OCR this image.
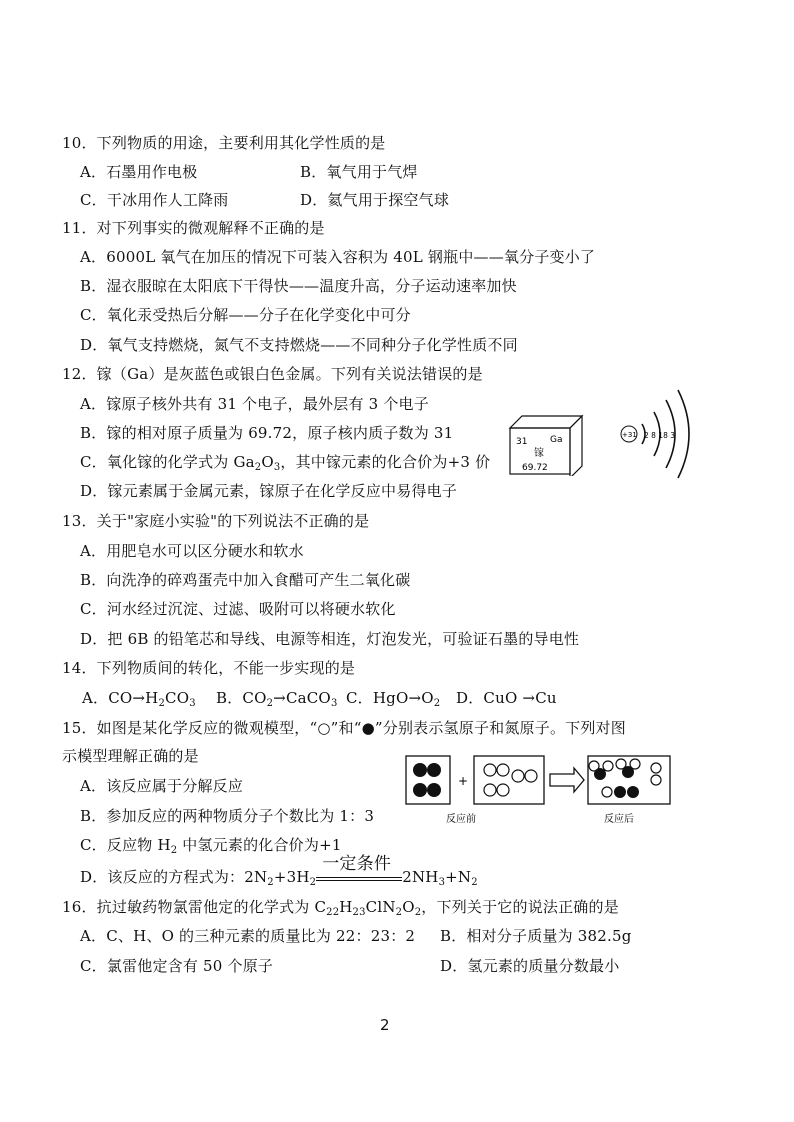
10．下列物质的用途，主要利用其化学性质的是
A．石墨用作电极	B．氧气用于气焊
C．干冰用作人工降雨	D．氦气用于探空气球
11．对下列事实的微观解释不正确的是
A．6000L 氧气在加压的情况下可装入容积为 40L 钢瓶中——氧分子变小了
B．湿衣服晾在太阳底下干得快——温度升高，分子运动速率加快
C．氧化汞受热后分解——分子在化学变化中可分
D．氧气支持燃烧，氮气不支持燃烧——不同种分子化学性质不同
12．镓（Ga）是灰蓝色或银白色金属。下列有关说法错误的是
A．镓原子核外共有 31 个电子，最外层有 3 个电子
B．镓的相对原子质量为 69.72，原子核内质子数为 31
C．氧化镓的化学式为 $Ga_2O_3$，其中镓元素的化合价为+3 价
D．镓元素属于金属元素，镓原子在化学反应中易得电子
31	Ga
镓
69.72
+31 2 8 18 3
13．关于"家庭小实验"的下列说法不正确的是
A．用肥皂水可以区分硬水和软水
B．向洗净的碎鸡蛋壳中加入食醋可产生二氧化碳
C．河水经过沉淀、过滤、吸附可以将硬水软化
D．把 6B 的铅笔芯和导线、电源等相连，灯泡发光，可验证石墨的导电性
14．下列物质间的转化，不能一步实现的是
A．$CO\to H_2CO_3$ B．$CO_2\to CaCO_3$ C．$HgO\to O_2$ D．CuO →Cu
15．如图是某化学反应的微观模型，“○”和“●”分别表示氢原子和氮原子。下列对图
示模型理解正确的是
A．该反应属于分解反应
B．参加反应的两种物质分子个数比为 1：3
C．反应物 $H_2$ 中氢元素的化合价为+1
D．该反应的方程式为：$2N_2+3H_2$
一定条件
$2NH_3+N_2$
+
反应前	反应后
16．抗过敏药物氯雷他定的化学式为 $C_{22}H_{23}ClN_2O_2$，下列关于它的说法正确的是
A．C、H、O 的三种元素的质量比为 22：23：2 B．相对分子质量为 382.5g
C．氯雷他定含有 50 个原子	D．氢元素的质量分数最小
2
